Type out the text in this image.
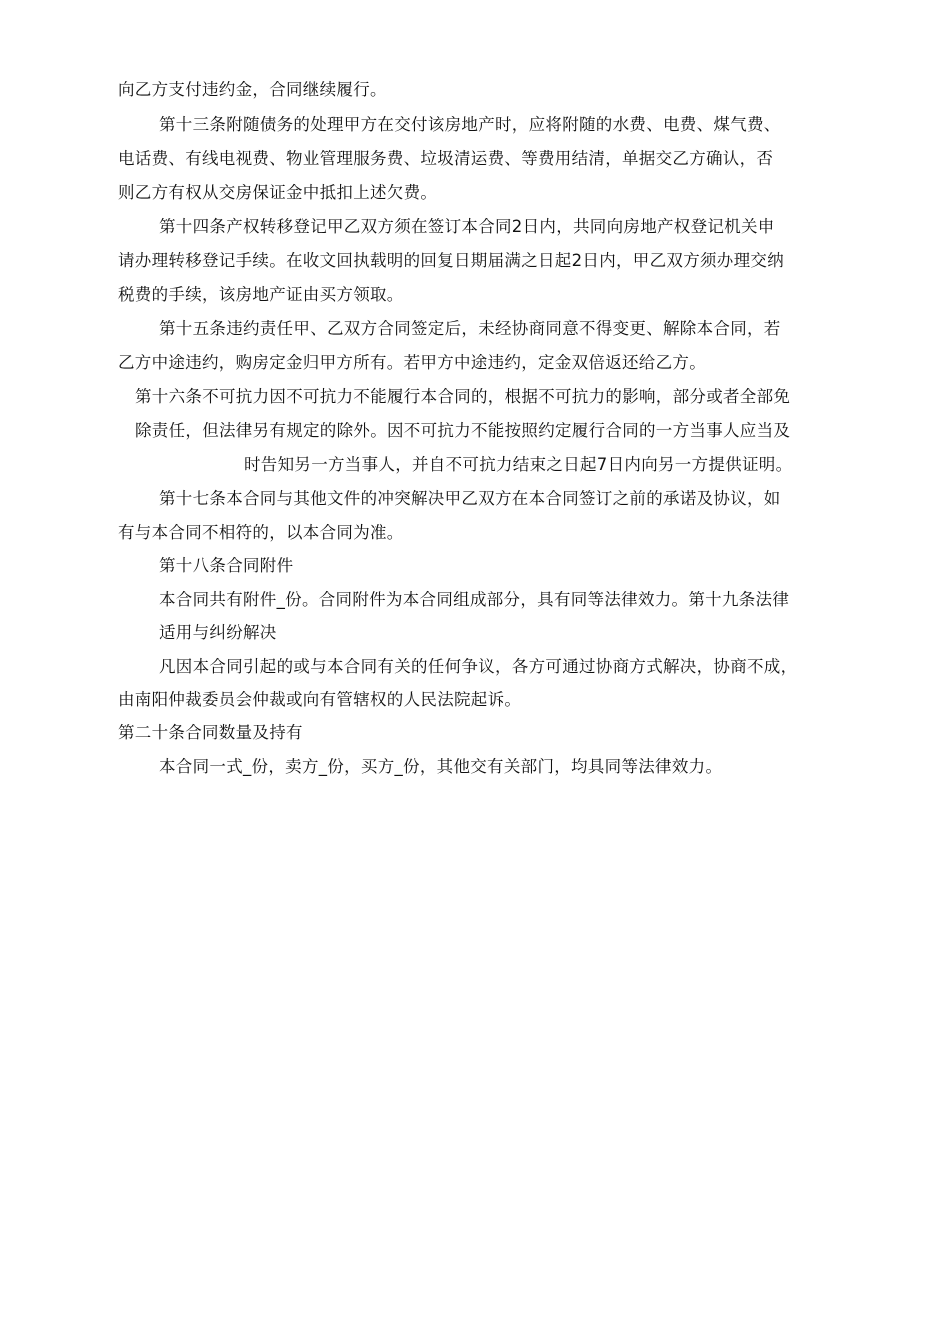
向乙方支付违约金，合同继续履行。
第十三条附随债务的处理甲方在交付该房地产时，应将附随的水费、电费、煤气费、
电话费、有线电视费、物业管理服务费、垃圾清运费、等费用结清，单据交乙方确认，否
则乙方有权从交房保证金中抵扣上述欠费。
第十四条产权转移登记甲乙双方须在签订本合同2日内，共同向房地产权登记机关申
请办理转移登记手续。在收文回执载明的回复日期届满之日起2日内，甲乙双方须办理交纳
税费的手续，该房地产证由买方领取。
第十五条违约责任甲、乙双方合同签定后，未经协商同意不得变更、解除本合同，若
乙方中途违约，购房定金归甲方所有。若甲方中途违约，定金双倍返还给乙方。
第十六条不可抗力因不可抗力不能履行本合同的，根据不可抗力的影响，部分或者全部免
除责任，但法律另有规定的除外。因不可抗力不能按照约定履行合同的一方当事人应当及
时告知另一方当事人，并自不可抗力结束之日起7日内向另一方提供证明。
第十七条本合同与其他文件的冲突解决甲乙双方在本合同签订之前的承诺及协议，如
有与本合同不相符的，以本合同为准。
第十八条合同附件
本合同共有附件_份。合同附件为本合同组成部分，具有同等法律效力。第十九条法律
适用与纠纷解决
凡因本合同引起的或与本合同有关的任何争议，各方可通过协商方式解决，协商不成，
由南阳仲裁委员会仲裁或向有管辖权的人民法院起诉。
第二十条合同数量及持有
本合同一式_份，卖方_份，买方_份，其他交有关部门，均具同等法律效力。
